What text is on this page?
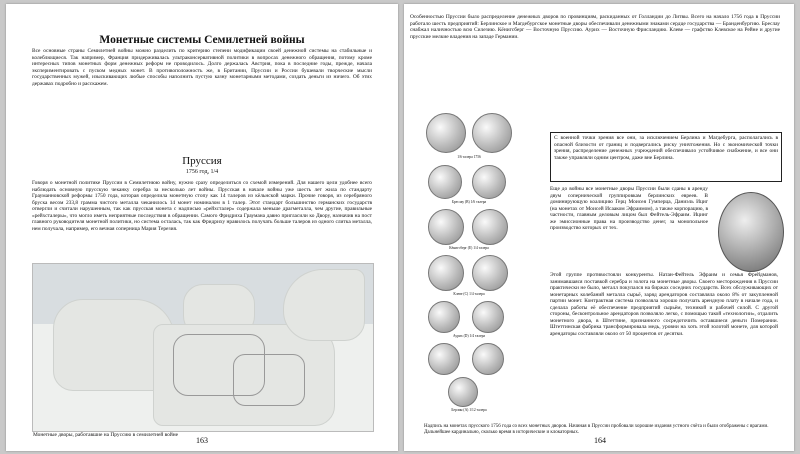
Монетные системы Семилетней войны
Все основные страны Семилетней войны можно разделить по критерию степени модификации своей денежной системы на стабильные и колеблющиеся. Так например, Франция придерживалась ультраконсервативной политики в вопросах денежного обращения, потому кроме интересных типов монетных форм денежных реформ не проводилось. Долго держалась Австрия, пока в последние годы, прежде, начала экспериментировать с пуском медных монет. В противоположность же, в Британии, Пруссии и России бушевали творческие мысли государственных мужей, изыскивающих любые способы наполнить пустую казну монетарными методами, создать деньги из ничего. Об этих державах подробно и расскажем.
Пруссия
1756 год, 1/4
Говоря о монетной политике Пруссии в Семилетнюю войну, нужно сразу определиться со схемой измерений. Для нашего цели удобнее всего наблюдать основную прусскую чеканку серебра за несколько лет войны. Прусская в начале войны уже шесть лет жила по стандарту Грауманновской реформы 1750 года, которая определила монетную стопу как 14 талеров из кёльнской марки. Прочие говоря, из серебряного бруска весом 233,8 грамма чистого металла чеканилось 14 монет номиналом в 1 талер. Этот стандарт большинство германских государств отвергли и считали нарушенным, так как прусская монета с надписью «рейхсталер» содержала меньше драгметалла, чем другие, правильные «рейхсталеры», что могло иметь неприятные последствия в обращении. Самого Фридриха Граумана давно пригласили ко Двору, назначив на пост главного руководителя монетной политики, но система осталась, так как Фридриху нравилось получать больше талеров из одного слитка металла, нем получала, например, его вечная соперница Мария Терезия.
Монетные дворы, работавшие на Пруссию в семилетней войне
163
Особенностью Пруссии было распределение денежных дворов по провинциям, раскиданных от Голландии до Литвы. Всего на начало 1756 года в Пруссии работало шесть предприятий: Берлинское и Магдебургское монетные дворы обеспечивали денежными знаками сердце государства — Бранденбургию. Бреслау снабжал наличностью всю Силезию. Кёнигсберг — Восточную Пруссию. Аурих — Восточную Фрисландию. Клеве — графство Клевское на Рейне и другие прусские мелкие владения на западе Германии.
1/6 талера 1756
Бреслау (B) 1/6 талера
Кёнигсберг (E) 1/4 талера
Клеве (C) 1/4 талера
Аурих (D) 1/4 талера
Берлин (A) 1/12 талера
С военной точки зрения все они, за исключением Берлина и Магдебурга, располагались в опасной близости от границ и подвергались риску уничтожения. Но с экономической точки зрения, распределение денежных учреждений обеспечивало устойчивое снабжение, и все они также управляли одним центром, даже вне Берлина.
Еще до войны все монетные дворы Пруссии были сданы в аренду двум сопернической группировкам берлинских евреев. В доминирующую коалицию Герц Моисея Гумперца, Даниэль Ициг (на монетах от Моисей Исааком Эфраимом), а также корпорацию, в частности, главным деловым лицом был Фейтель-Эфраим. Ицинг же эмиссионные права на производство денег, за монопольное производство которых от тех.
Этой группе противостояли конкуренты. Натан-Фейтель Эфраим и семья Фрейдманов, занимавшаяся поставкой серебра и золота на монетные дворы. Своего месторождения в Пруссии практически не было, металл покупался на биржах соседних государств. Всех обслуживающих от монетарных колебаний металла сырьё, заряд арендаторов составляла около 8% от закупленной партии монет. Контрактная система позволяла хорошо получать арендную плату в начале года, и сделала работы её обеспечение предприятий сырьём, техникой и рабочей силой. С другой стороны, бесконтрольное арендаторов позволяло легко, с помощью такой «технологии», отдалить монетного двора, в Штеттине, признанного сосредоточить оставшиеся деньги Померании. Штеттинская фабрика трансформировала медь, уровни на хоть этой золотой монете, для которой арендаторы составляли около от 50 процентов от десятки.
Надпись на монетах прусского 1756 года со всех монетных дворов. Начиная в Пруссии пробовали хорошие издания устного счёта и были отображены с врагами. Дальнейшее кардинально, сколько время в исторические и клокаторных.
164
